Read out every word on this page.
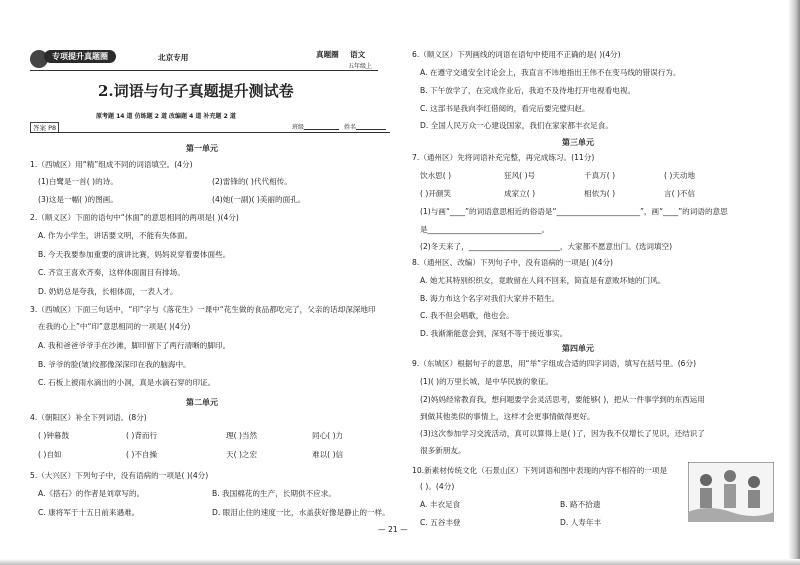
专项提升真题圈	北京专用	真题圈 语文
五年级上
2.词语与句子真题提升测试卷
原考题 14 道 仿练题 2 道 改编题 4 道 补充题 2 道
班级	姓名
答案 P8
第一单元
1.（西城区）用“精”组成不同的词语填空。(4分)
(1)白鹭是一首( )的诗。	(2)雷锋的( )代代相传。
(3)这是一幅( )的图画。	(4)她(一副)( )美丽的面孔。
2.（顺义区）下面的语句中“休面”的意思相同的两项是( )(4分)
A. 作为小学生，讲话要文明，不能有失体面。
B. 今天我要参加重要的演讲比赛，妈妈说穿着要体面些。
C. 齐宣王喜欢齐奏，这样体面面目有排场。
D. 奶奶总是夸我，长相体面，一表人才。
3.（西城区）下面三句话中，“印”字与《落花生》一课中“花生做的食品都吃完了，父亲的话却深深地印
在我的心上”中“印”意思相同的一项是( )(4分)
A. 我和爸爸爷爷手在沙滩，脚印留下了两行清晰的脚印。
B. 爷爷的脸(皱)纹都像深深印在我的脑海中。
C. 石板上被雨水滴出的小洞，真是水滴石穿的印证。
第二单元
4.（朝阳区）补全下列词语。(8分)
( )钟暮鼓	( )背而行	理( )当然	同心( )力
( )自如	( )不自操	天( )之宏	难以( )信
5.（大兴区）下列句子中，没有语病的一项是( )(4分)
A.《搭石》的作者是刘章写的。	B. 我国棉花的生产，长期供不应求。
C. 康将军于十五日前来遇难。	D. 眼泪止住的速度一比，水盖获好像是静止的一样。
6.（顺义区）下列画线的词语在语句中使用不正确的是( )(4分)
A. 在遵守交通安全讨论会上，我直言不讳地指出王伟不在变马线的错误行为。
B. 下午放学了，在完成作业后，我迫不及待地打开电视看电视。
C. 这部书是我向李红借阅的，看完后要完璧归赵。
D. 全国人民万众一心建设国家，我们在家家都丰衣足食。
第三单元
7.（通州区）先将词语补充完整，再完成练习。(11分)
饮水思( )	狂风( )号	千真万( )	( )天动地
( )开颜笑	成家立( )	相依为( )	言( )不信
(1)与画“____”的词语意思相近的俗语是“______________________”，画“____”的词语的意思
是______________________________。
(2)冬天来了，________________________，大家都不愿意出门。(选词填空)
8.（通州区、改编）下列句子中，没有语病的一项是( )(4分)
A. 她尤其特别织织女，竟敢留在人间不回来，简直是有意败坏她的门风。
B. 海力布这个名字对我们大家并不陌生。
C. 我不但会唱歌，他也会。
D. 我渐渐能意会到，深刻不等于接近事实。
第四单元
9.（东城区）根据句子的意思，用“举”字组成合适的四字词语，填写在括号里。(6分)
(1)( )的万里长城，是中华民族的象征。
(2)妈妈经常教育我，想问题要学会灵活思考，要能够( )，把从一件事学到的东西运用
到做其他类似的事情上，这样才会更事情做得更好。
(3)这次参加学习交流活动，真可以算得上是( )了，因为我不仅增长了见识，还结识了
很多新朋友。
10.新素材传统文化（石景山区）下列词语和图中表现的内容不相符的一项是
( )。(4分)
A. 丰衣足食	B. 路不拾遗
C. 五谷丰登	D. 人寿年丰
— 21 —
